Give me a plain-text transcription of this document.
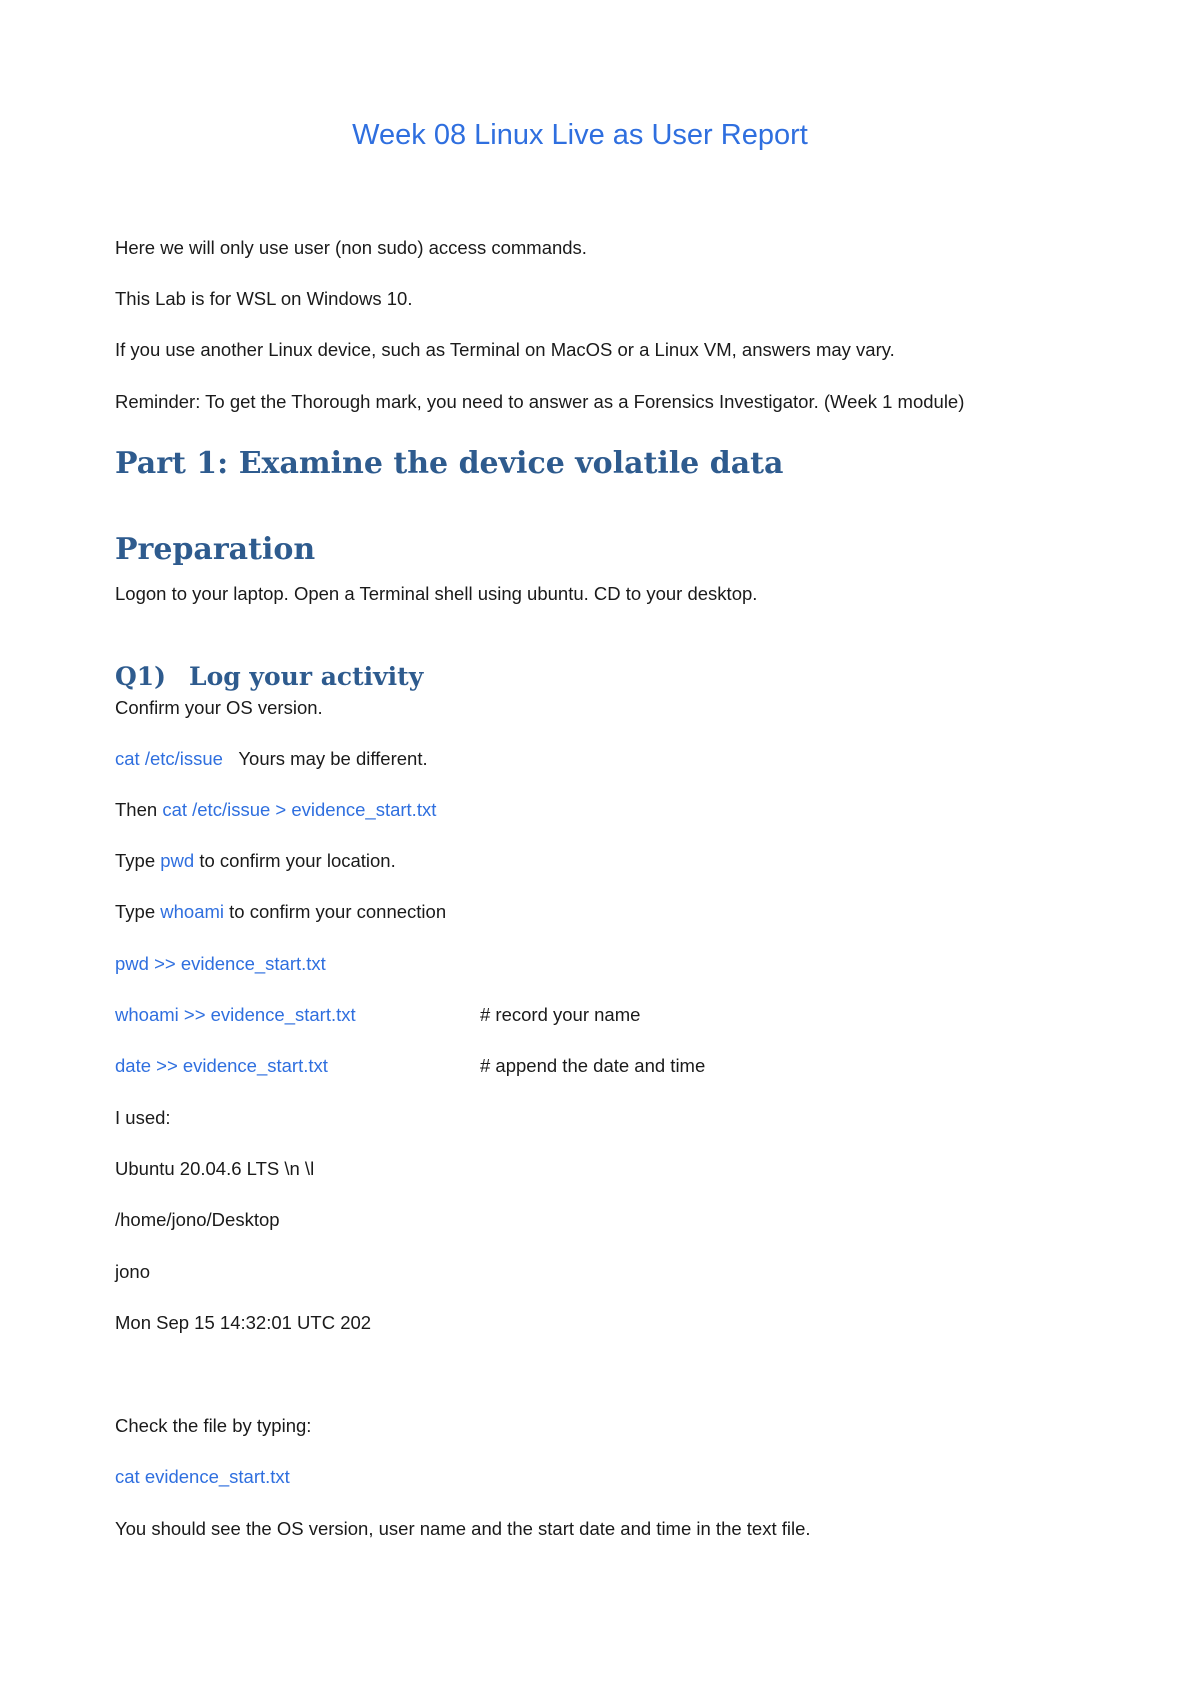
Week 08 Linux Live as User Report

Here we will only use user (non sudo) access commands.

This Lab is for WSL on Windows 10.

If you use another Linux device, such as Terminal on MacOS or a Linux VM, answers may vary.

Reminder: To get the Thorough mark, you need to answer as a Forensics Investigator. (Week 1 module)

Part 1: Examine the device volatile data
Preparation

Logon to your laptop. Open a Terminal shell using ubuntu. CD to your desktop.

Q1) Log your activity

Confirm your OS version.

cat /etc/issue Yours may be different.

Then cat /etc/issue > evidence_start.txt

Type pwd to confirm your location.

Type whoami to confirm your connection

pwd >> evidence_start.txt

whoami >> evidence_start.txt	# record your name

date >> evidence_start.txt	# append the date and time

I used:

Ubuntu 20.04.6 LTS \n \l

/home/jono/Desktop

jono

Mon Sep 15 14:32:01 UTC 202

Check the file by typing:

cat evidence_start.txt

You should see the OS version, user name and the start date and time in the text file.
